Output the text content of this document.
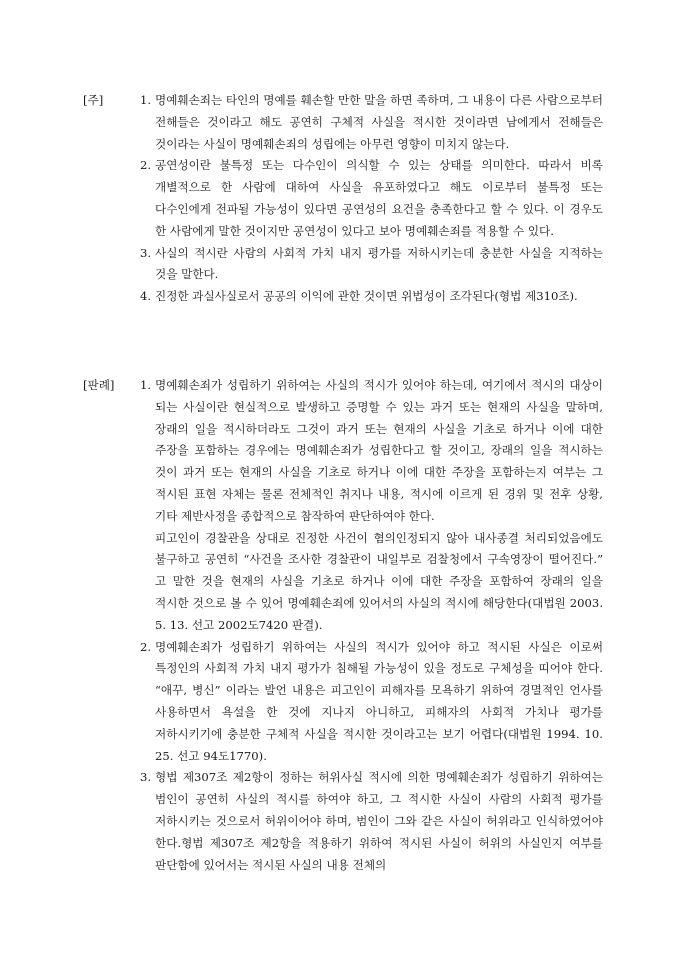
[주]	1. 명예훼손죄는 타인의 명예를 훼손할 만한 말을 하면 족하며, 그 내용이 다른 사람으로부터 전해들은 것이라고 해도 공연히 구체적 사실을 적시한 것이라면 남에게서 전해들은 것이라는 사실이 명예훼손죄의 성립에는 아무런 영향이 미치지 않는다.
2. 공연성이란 불특정 또는 다수인이 의식할 수 있는 상태를 의미한다. 따라서 비록 개별적으로 한 사람에 대하여 사실을 유포하였다고 해도 이로부터 불특정 또는 다수인에게 전파될 가능성이 있다면 공연성의 요건을 충족한다고 할 수 있다. 이 경우도 한 사람에게 말한 것이지만 공연성이 있다고 보아 명예훼손죄를 적용할 수 있다.
3. 사실의 적시란 사람의 사회적 가치 내지 평가를 저하시키는데 충분한 사실을 지적하는 것을 말한다.
4. 진정한 과실사실로서 공공의 이익에 관한 것이면 위법성이 조각된다(형법 제310조).
[판례]	1. 명예훼손죄가 성립하기 위하여는 사실의 적시가 있어야 하는데, 여기에서 적시의 대상이 되는 사실이란 현실적으로 발생하고 증명할 수 있는 과거 또는 현재의 사실을 말하며, 장래의 일을 적시하더라도 그것이 과거 또는 현재의 사실을 기초로 하거나 이에 대한 주장을 포함하는 경우에는 명예훼손죄가 성립한다고 할 것이고, 장래의 일을 적시하는 것이 과거 또는 현재의 사실을 기초로 하거나 이에 대한 주장을 포함하는지 여부는 그 적시된 표현 자체는 물론 전체적인 취지나 내용, 적시에 이르게 된 경위 및 전후 상황, 기타 제반사정을 종합적으로 참작하여 판단하여야 한다.

피고인이 경찰관을 상대로 진정한 사건이 혐의인정되지 않아 내사종결 처리되었음에도 불구하고 공연히 “사건을 조사한 경찰관이 내일부로 검찰청에서 구속영장이 떨어진다.” 고 말한 것을 현재의 사실을 기초로 하거나 이에 대한 주장을 포함하여 장래의 일을 적시한 것으로 볼 수 있어 명예훼손죄에 있어서의 사실의 적시에 해당한다(대법원 2003. 5. 13. 선고 2002도7420 판결).

2. 명예훼손죄가 성립하기 위하여는 사실의 적시가 있어야 하고 적시된 사실은 이로써 특정인의 사회적 가치 내지 평가가 침해될 가능성이 있을 정도로 구체성을 띠어야 한다. “애꾸, 병신” 이라는 발언 내용은 피고인이 피해자를 모욕하기 위하여 경멸적인 언사를 사용하면서 욕설을 한 것에 지나지 아니하고, 피해자의 사회적 가치나 평가를 저하시키기에 충분한 구체적 사실을 적시한 것이라고는 보기 어렵다(대법원 1994. 10. 25. 선고 94도1770).

3. 형법 제307조 제2항이 정하는 허위사실 적시에 의한 명예훼손죄가 성립하기 위하여는 범인이 공연히 사실의 적시를 하여야 하고, 그 적시한 사실이 사람의 사회적 평가를 저하시키는 것으로서 허위이어야 하며, 범인이 그와 같은 사실이 허위라고 인식하였어야 한다.형법 제307조 제2항을 적용하기 위하여 적시된 사실이 허위의 사실인지 여부를 판단함에 있어서는 적시된 사실의 내용 전체의
